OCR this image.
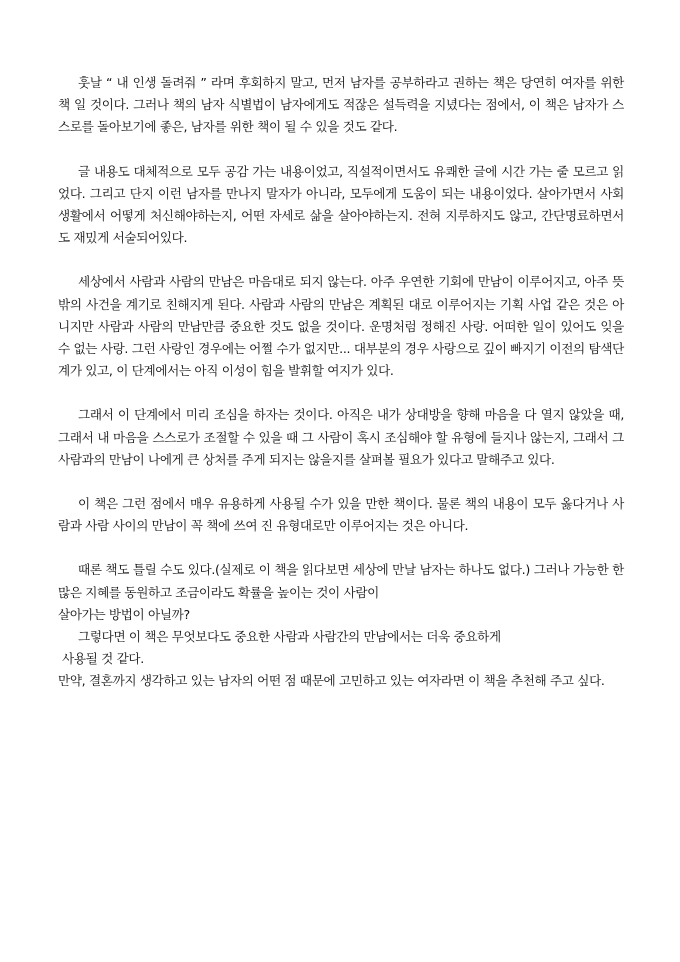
훗날 “ 내 인생 돌려줘 ” 라며 후회하지 말고, 먼저 남자를 공부하라고 권하는 책은 당연히 여자를 위한 책 일 것이다. 그러나 책의 남자 식별법이 남자에게도 적잖은 설득력을 지녔다는 점에서, 이 책은 남자가 스스로를 돌아보기에 좋은, 남자를 위한 책이 될 수 있을 것도 같다.

글 내용도 대체적으로 모두 공감 가는 내용이었고, 직설적이면서도 유쾌한 글에 시간 가는 줄 모르고 읽었다. 그리고 단지 이런 남자를 만나지 말자가 아니라, 모두에게 도움이 되는 내용이었다. 살아가면서 사회생활에서 어떻게 처신해야하는지, 어떤 자세로 삶을 살아야하는지. 전혀 지루하지도 않고, 간단명료하면서도 재밌게 서술되어있다.

세상에서 사람과 사람의 만남은 마음대로 되지 않는다. 아주 우연한 기회에 만남이 이루어지고, 아주 뜻밖의 사건을 계기로 친해지게 된다. 사람과 사람의 만남은 계획된 대로 이루어지는 기획 사업 같은 것은 아니지만 사람과 사람의 만남만큼 중요한 것도 없을 것이다. 운명처럼 정해진 사랑. 어떠한 일이 있어도 잊을 수 없는 사랑. 그런 사랑인 경우에는 어쩔 수가 없지만... 대부분의 경우 사랑으로 깊이 빠지기 이전의 탐색단계가 있고, 이 단계에서는 아직 이성이 힘을 발휘할 여지가 있다.

그래서 이 단계에서 미리 조심을 하자는 것이다. 아직은 내가 상대방을 향해 마음을 다 열지 않았을 때, 그래서 내 마음을 스스로가 조절할 수 있을 때 그 사람이 혹시 조심해야 할 유형에 들지나 않는지, 그래서 그 사람과의 만남이 나에게 큰 상처를 주게 되지는 않을지를 살펴볼 필요가 있다고 말해주고 있다.

이 책은 그런 점에서 매우 유용하게 사용될 수가 있을 만한 책이다. 물론 책의 내용이 모두 옳다거나 사람과 사람 사이의 만남이 꼭 책에 쓰여 진 유형대로만 이루어지는 것은 아니다.

때론 책도 틀릴 수도 있다.(실제로 이 책을 읽다보면 세상에 만날 남자는 하나도 없다.) 그러나 가능한 한 많은 지혜를 동원하고 조금이라도 확률을 높이는 것이 사람이

살아가는 방법이 아닐까?

그렇다면 이 책은 무엇보다도 중요한 사람과 사람간의 만남에서는 더욱 중요하게

사용될 것 같다.

만약, 결혼까지 생각하고 있는 남자의 어떤 점 때문에 고민하고 있는 여자라면 이 책을 추천해 주고 싶다.
